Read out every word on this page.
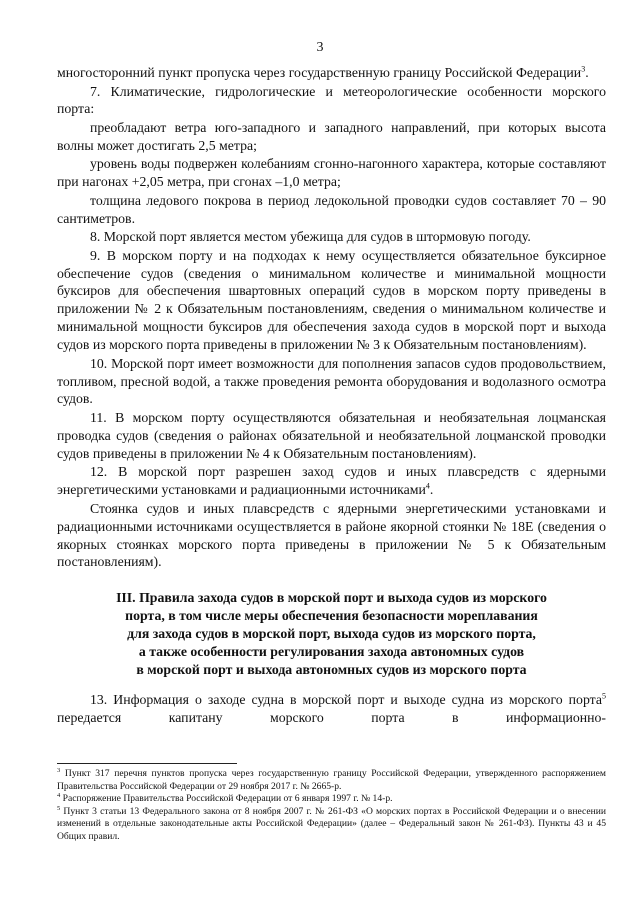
3

многосторонний пункт пропуска через государственную границу Российской Федерации$^3$.

7. Климатические, гидрологические и метеорологические особенности морского порта:

преобладают ветра юго-западного и западного направлений, при которых высота волны может достигать 2,5 метра;

уровень воды подвержен колебаниям сгонно-нагонного характера, которые составляют при нагонах +2,05 метра, при сгонах –1,0 метра;

толщина ледового покрова в период ледокольной проводки судов составляет 70 – 90 сантиметров.

8. Морской порт является местом убежища для судов в штормовую погоду.

9. В морском порту и на подходах к нему осуществляется обязательное буксирное обеспечение судов (сведения о минимальном количестве и минимальной мощности буксиров для обеспечения швартовных операций судов в морском порту приведены в приложении № 2 к Обязательным постановлениям, сведения о минимальном количестве и минимальной мощности буксиров для обеспечения захода судов в морской порт и выхода судов из морского порта приведены в приложении № 3 к Обязательным постановлениям).

10. Морской порт имеет возможности для пополнения запасов судов продовольствием, топливом, пресной водой, а также проведения ремонта оборудования и водолазного осмотра судов.

11. В морском порту осуществляются обязательная и необязательная лоцманская проводка судов (сведения о районах обязательной и необязательной лоцманской проводки судов приведены в приложении № 4 к Обязательным постановлениям).

12. В морской порт разрешен заход судов и иных плавсредств с ядерными энергетическими установками и радиационными источниками$^4$.

Стоянка судов и иных плавсредств с ядерными энергетическими установками и радиационными источниками осуществляется в районе якорной стоянки № 18Е (сведения о якорных стоянках морского порта приведены в приложении № 5 к Обязательным постановлениям).

III. Правила захода судов в морской порт и выхода судов из морского
порта, в том числе меры обеспечения безопасности мореплавания
для захода судов в морской порт, выхода судов из морского порта,
а также особенности регулирования захода автономных судов
в морской порт и выхода автономных судов из морского порта

13. Информация о заходе судна в морской порт и выходе судна из морского порта$^5$ передается капитану морского порта в информационно-

$^3$ Пункт 317 перечня пунктов пропуска через государственную границу Российской Федерации, утвержденного распоряжением Правительства Российской Федерации от 29 ноября 2017 г. № 2665-р.

$^4$ Распоряжение Правительства Российской Федерации от 6 января 1997 г. № 14-р.

$^5$ Пункт 3 статьи 13 Федерального закона от 8 ноября 2007 г. № 261-ФЗ «О морских портах в Российской Федерации и о внесении изменений в отдельные законодательные акты Российской Федерации» (далее – Федеральный закон № 261-ФЗ). Пункты 43 и 45 Общих правил.
